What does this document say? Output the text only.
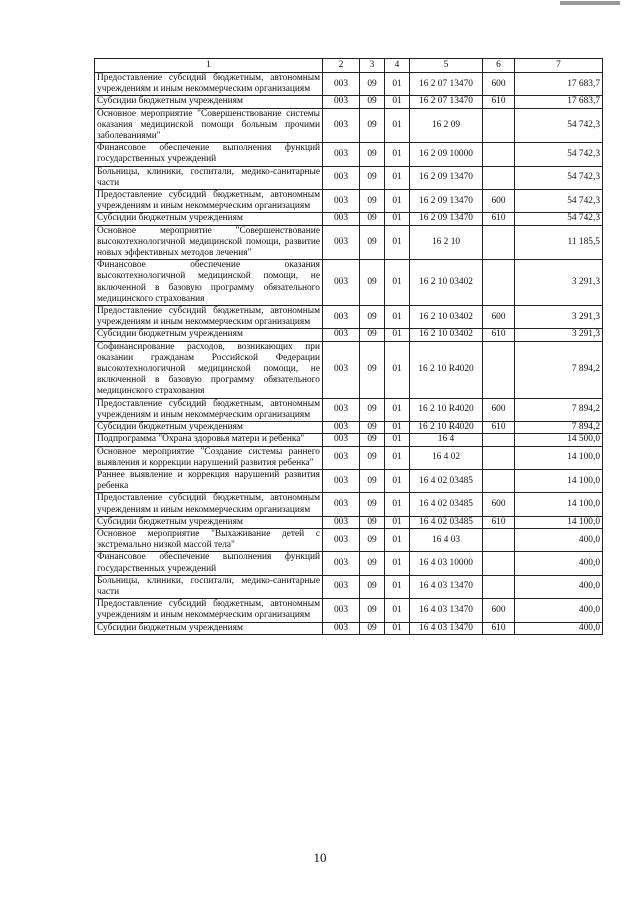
1	2	3	4	5	6	7
Предоставление субсидий бюджетным, автономным учреждениям и иным некоммерческим организациям	003	09	01	16 2 07 13470	600	17 683,7
Субсидии бюджетным учреждениям	003	09	01	16 2 07 13470	610	17 683,7
Основное мероприятие "Совершенствование системы оказания медицинской помощи больным прочими заболеваниями"	003	09	01	16 2 09		54 742,3
Финансовое обеспечение выполнения функций государственных учреждений	003	09	01	16 2 09 10000		54 742,3
Больницы, клиники, госпитали, медико-санитарные части	003	09	01	16 2 09 13470		54 742,3
Предоставление субсидий бюджетным, автономным учреждениям и иным некоммерческим организациям	003	09	01	16 2 09 13470	600	54 742,3
Субсидии бюджетным учреждениям	003	09	01	16 2 09 13470	610	54 742,3
Основное мероприятие "Совершенствование высокотехнологичной медицинской помощи, развитие новых эффективных методов лечения"	003	09	01	16 2 10		11 185,5
Финансовое обеспечение оказания высокотехнологичной медицинской помощи, не включенной в базовую программу обязательного медицинского страхования	003	09	01	16 2 10 03402		3 291,3
Предоставление субсидий бюджетным, автономным учреждениям и иным некоммерческим организациям	003	09	01	16 2 10 03402	600	3 291,3
Субсидии бюджетным учреждениям	003	09	01	16 2 10 03402	610	3 291,3
Софинансирование расходов, возникающих при оказании гражданам Российской Федерации высокотехнологичной медицинской помощи, не включенной в базовую программу обязательного медицинского страхования	003	09	01	16 2 10 R4020		7 894,2
Предоставление субсидий бюджетным, автономным учреждениям и иным некоммерческим организациям	003	09	01	16 2 10 R4020	600	7 894,2
Субсидии бюджетным учреждениям	003	09	01	16 2 10 R4020	610	7 894,2
Подпрограмма "Охрана здоровья матери и ребенка"	003	09	01	16 4		14 500,0
Основное мероприятие "Создание системы раннего выявления и коррекции нарушений развития ребенка"	003	09	01	16 4 02		14 100,0
Раннее выявление и коррекция нарушений развития ребенка	003	09	01	16 4 02 03485		14 100,0
Предоставление субсидий бюджетным, автономным учреждениям и иным некоммерческим организациям	003	09	01	16 4 02 03485	600	14 100,0
Субсидии бюджетным учреждениям	003	09	01	16 4 02 03485	610	14 100,0
Основное мероприятие "Выхаживание детей с экстремально низкой массой тела"	003	09	01	16 4 03		400,0
Финансовое обеспечение выполнения функций государственных учреждений	003	09	01	16 4 03 10000		400,0
Больницы, клиники, госпитали, медико-санитарные части	003	09	01	16 4 03 13470		400,0
Предоставление субсидий бюджетным, автономным учреждениям и иным некоммерческим организациям	003	09	01	16 4 03 13470	600	400,0
Субсидии бюджетным учреждениям	003	09	01	16 4 03 13470	610	400,0
10
